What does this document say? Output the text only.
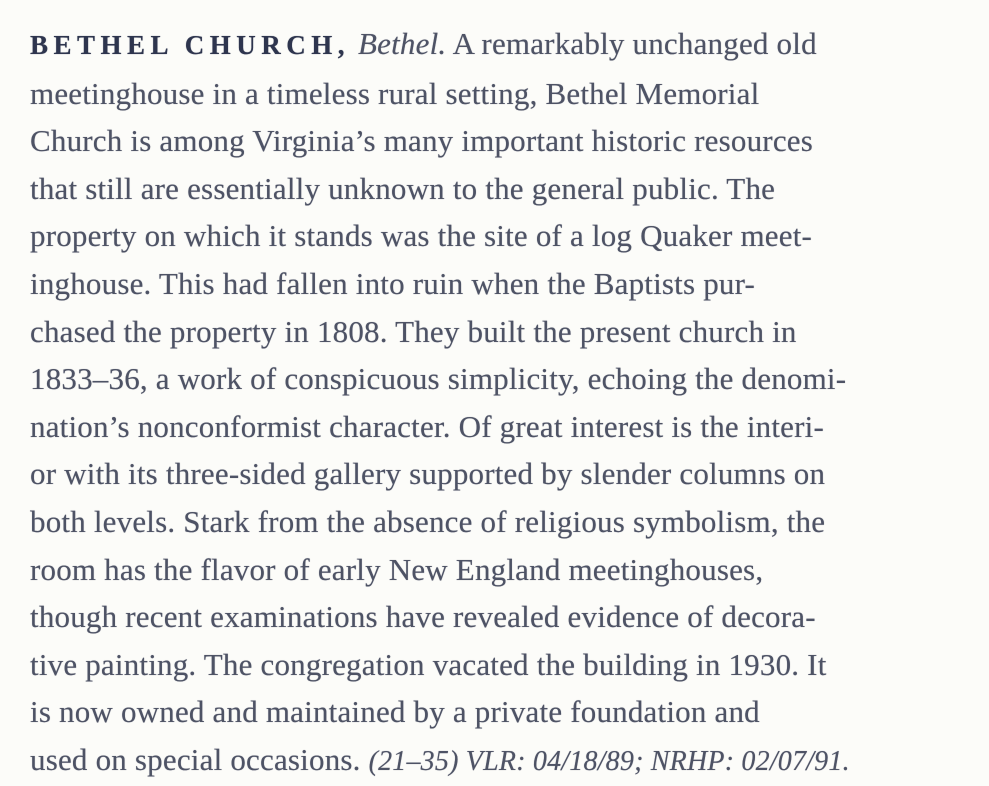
BETHEL CHURCH, Bethel. A remarkably unchanged old
meetinghouse in a timeless rural setting, Bethel Memorial
Church is among Virginia’s many important historic resources
that still are essentially unknown to the general public. The
property on which it stands was the site of a log Quaker meet-
inghouse. This had fallen into ruin when the Baptists pur-
chased the property in 1808. They built the present church in
1833–36, a work of conspicuous simplicity, echoing the denomi-
nation’s nonconformist character. Of great interest is the interi-
or with its three-sided gallery supported by slender columns on
both levels. Stark from the absence of religious symbolism, the
room has the flavor of early New England meetinghouses,
though recent examinations have revealed evidence of decora-
tive painting. The congregation vacated the building in 1930. It
is now owned and maintained by a private foundation and
used on special occasions. (21–35) VLR: 04/18/89; NRHP: 02/07/91.
